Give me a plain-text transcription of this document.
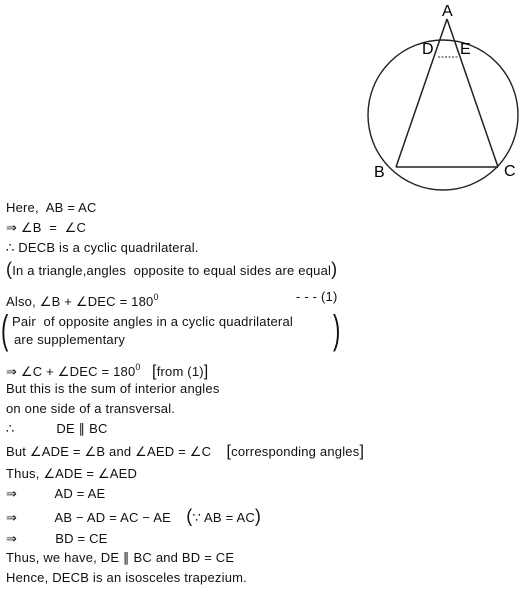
A
D E
B	C
Here,  AB = AC
⇒ ∠B  =  ∠C
∴ DECB is a cyclic quadrilateral.
(In a triangle,angles  opposite to equal sides are equal)
Also, ∠B + ∠DEC = $180^0$	- - - (1)
( Pair  of opposite angles in a cyclic quadrilateral
are supplementary	)
⇒ ∠C + ∠DEC = $180^0$ [from (1)]
But this is the sum of interior angles
on one side of a transversal.
∴           DE ∥ BC
But ∠ADE = ∠B and ∠AED = ∠C [corresponding angles]
Thus, ∠ADE = ∠AED
⇒          AD = AE
⇒          AB − AD = AC − AE (∵ AB = AC)
⇒          BD = CE
Thus, we have, DE ∥ BC and BD = CE
Hence, DECB is an isosceles trapezium.
